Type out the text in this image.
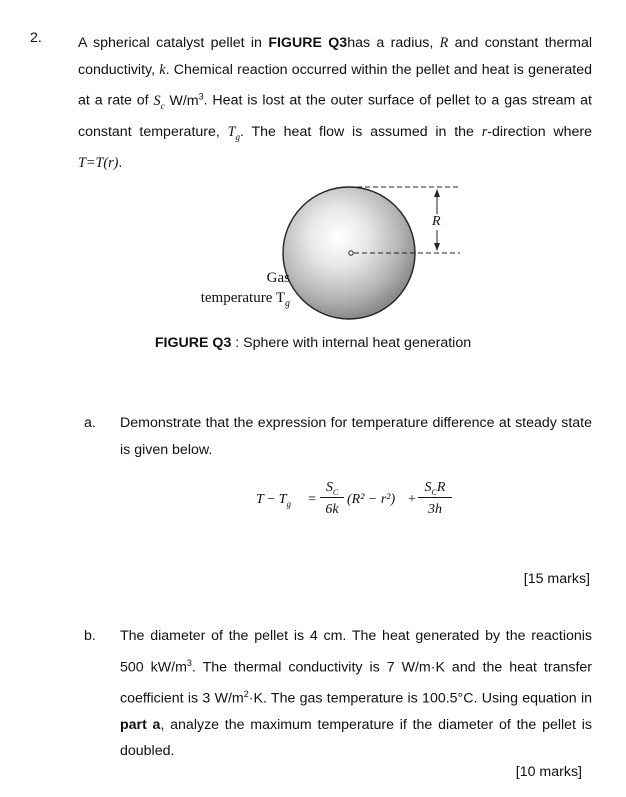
2.	A spherical catalyst pellet in FIGURE Q3has a radius, R and constant thermal conductivity, k. Chemical reaction occurred within the pellet and heat is generated at a rate of $S_c$ $W/m^3$. Heat is lost at the outer surface of pellet to a gas stream at constant temperature, $T_g$. The heat flow is assumed in the r-direction where T=T(r).
R
Gas
temperature $T_g$
FIGURE Q3 : Sphere with internal heat generation
a. Demonstrate that the expression for temperature difference at steady state is given below.
$T - T_g$ =
$S_C$
6k
(R² − r²) +
$S_CR$
3h
[15 marks]
b. The diameter of the pellet is 4 cm. The heat generated by the reactionis 500 $kW/m^3$. The thermal conductivity is 7 W/m·K and the heat transfer coefficient is 3 $W/m^2\cdot K$. The gas temperature is 100.5°C. Using equation in part a, analyze the maximum temperature if the diameter of the pellet is doubled.
[10 marks]
